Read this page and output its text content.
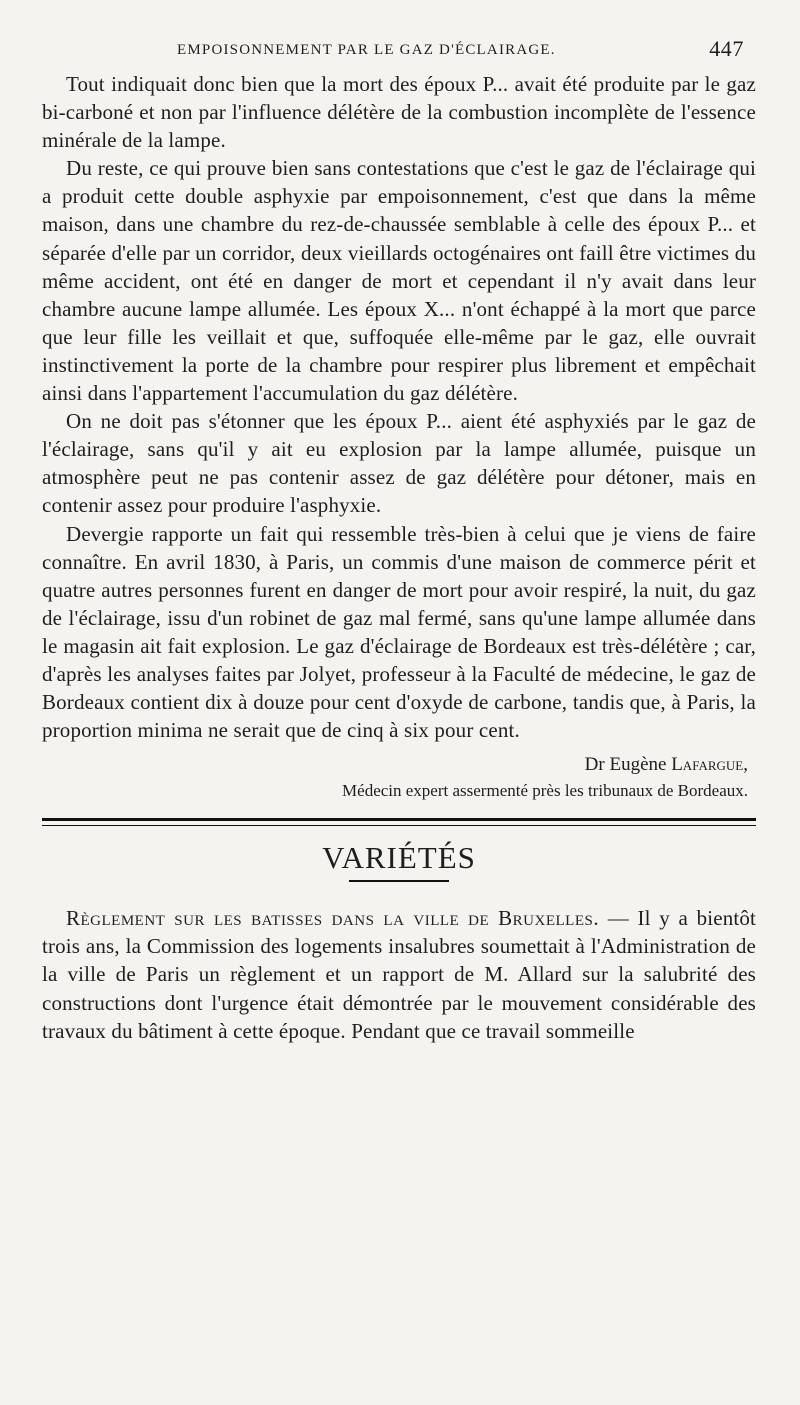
EMPOISONNEMENT PAR LE GAZ D'ÉCLAIRAGE.	447

Tout indiquait donc bien que la mort des époux P... avait été produite par le gaz bi-carboné et non par l'influence délétère de la combustion incomplète de l'essence minérale de la lampe.

Du reste, ce qui prouve bien sans contestations que c'est le gaz de l'éclairage qui a produit cette double asphyxie par empoisonnement, c'est que dans la même maison, dans une chambre du rez-de-chaussée semblable à celle des époux P... et séparée d'elle par un corridor, deux vieillards octogénaires ont faill être victimes du même accident, ont été en danger de mort et cependant il n'y avait dans leur chambre aucune lampe allumée. Les époux X... n'ont échappé à la mort que parce que leur fille les veillait et que, suffoquée elle-même par le gaz, elle ouvrait instinctivement la porte de la chambre pour respirer plus librement et empêchait ainsi dans l'appartement l'accumulation du gaz délétère.

On ne doit pas s'étonner que les époux P... aient été asphyxiés par le gaz de l'éclairage, sans qu'il y ait eu explosion par la lampe allumée, puisque un atmosphère peut ne pas contenir assez de gaz délétère pour détoner, mais en contenir assez pour produire l'asphyxie.

Devergie rapporte un fait qui ressemble très-bien à celui que je viens de faire connaître. En avril 1830, à Paris, un commis d'une maison de commerce périt et quatre autres personnes furent en danger de mort pour avoir respiré, la nuit, du gaz de l'éclairage, issu d'un robinet de gaz mal fermé, sans qu'une lampe allumée dans le magasin ait fait explosion. Le gaz d'éclairage de Bordeaux est très-délétère ; car, d'après les analyses faites par Jolyet, professeur à la Faculté de médecine, le gaz de Bordeaux contient dix à douze pour cent d'oxyde de carbone, tandis que, à Paris, la proportion minima ne serait que de cinq à six pour cent.

Dr Eugène Lafargue,
Médecin expert assermenté près les tribunaux de Bordeaux.
VARIÉTÉS

Règlement sur les batisses dans la ville de Bruxelles. — Il y a bientôt trois ans, la Commission des logements insalubres soumettait à l'Administration de la ville de Paris un règlement et un rapport de M. Allard sur la salubrité des constructions dont l'urgence était démontrée par le mouvement considérable des travaux du bâtiment à cette époque. Pendant que ce travail sommeille
